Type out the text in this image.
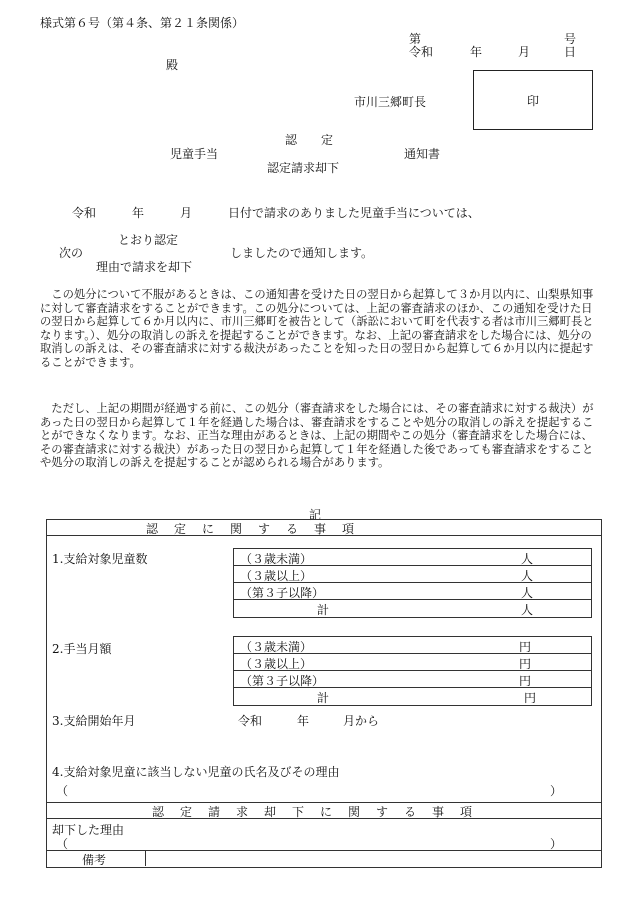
様式第６号（第４条、第２１条関係）
第	号
令和	年	月	日
殿
市川三郷町長	印
認　　定
児童手当	通知書
認定請求却下
令和	年	月	日付で請求のありました児童手当については、
とおり認定
次の	しましたので通知します。
理由で請求を却下
この処分について不服があるときは、この通知書を受けた日の翌日から起算して３か月以内に、山梨県知事に対して審査請求をすることができます。この処分については、上記の審査請求のほか、この通知を受けた日の翌日から起算して６か月以内に、市川三郷町を被告として（訴訟において町を代表する者は市川三郷町長となります。）、処分の取消しの訴えを提起することができます。なお、上記の審査請求をした場合には、処分の取消しの訴えは、その審査請求に対する裁決があったことを知った日の翌日から起算して６か月以内に提起することができます。
ただし、上記の期間が経過する前に、この処分（審査請求をした場合には、その審査請求に対する裁決）があった日の翌日から起算して１年を経過した場合は、審査請求をすることや処分の取消しの訴えを提起することができなくなります。なお、正当な理由があるときは、上記の期間やこの処分（審査請求をした場合には、その審査請求に対する裁決）があった日の翌日から起算して１年を経過した後であっても審査請求をすることや処分の取消しの訴えを提起することが認められる場合があります。
記
認　定　に　関　す　る　事　項
1.支給対象児童数	（３歳未満）	人
（３歳以上）	人
（第３子以降）	人
計	人
2.手当月額	（３歳未満）	円
（３歳以上）	円
（第３子以降）	円
計	円
3.支給開始年月	令和	年	月から
4.支給対象児童に該当しない児童の氏名及びその理由
（	）
認　定　請　求　却　下　に　関　す　る　事　項
却下した理由
（	）
備考
